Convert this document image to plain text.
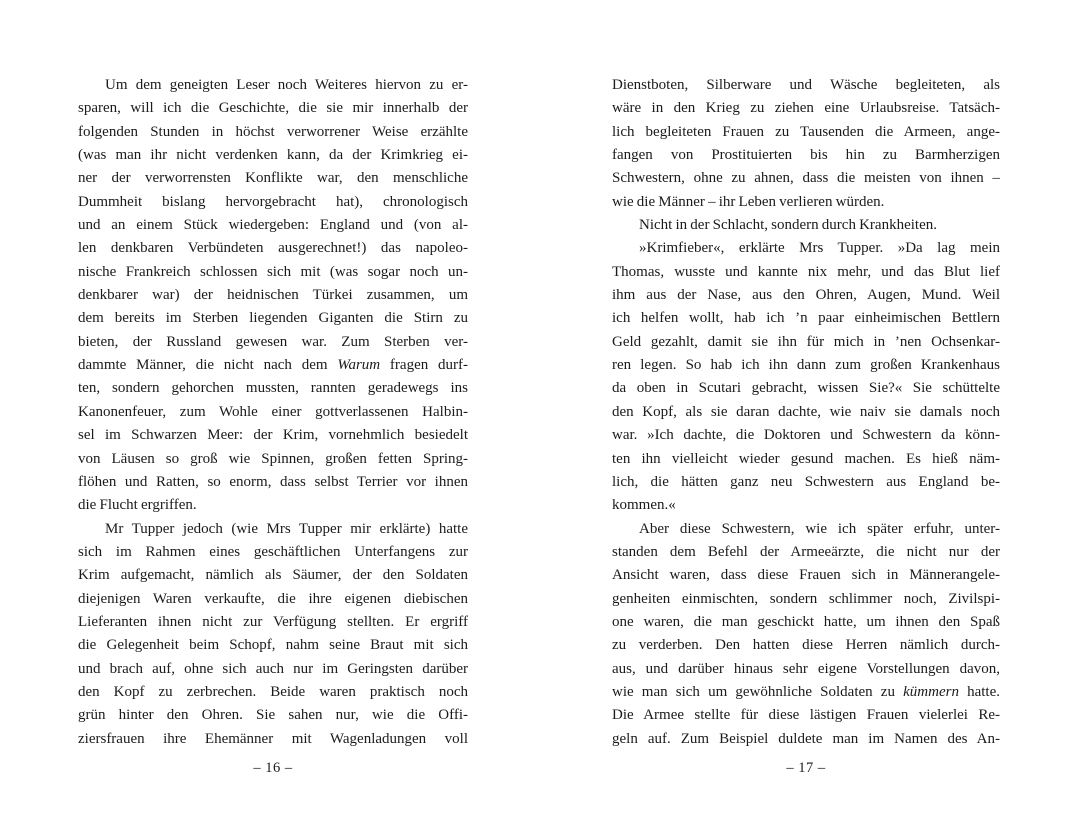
Um dem geneigten Leser noch Weiteres hiervon zu er-
sparen, will ich die Geschichte, die sie mir innerhalb der
folgenden Stunden in höchst verworrener Weise erzählte
(was man ihr nicht verdenken kann, da der Krimkrieg ei-
ner der verworrensten Konflikte war, den menschliche
Dummheit bislang hervorgebracht hat), chronologisch
und an einem Stück wiedergeben: England und (von al-
len denkbaren Verbündeten ausgerechnet!) das napoleo-
nische Frankreich schlossen sich mit (was sogar noch un-
denkbarer war) der heidnischen Türkei zusammen, um
dem bereits im Sterben liegenden Giganten die Stirn zu
bieten, der Russland gewesen war. Zum Sterben ver-
dammte Männer, die nicht nach dem Warum fragen durf-
ten, sondern gehorchen mussten, rannten geradewegs ins
Kanonenfeuer, zum Wohle einer gottverlassenen Halbin-
sel im Schwarzen Meer: der Krim, vornehmlich besiedelt
von Läusen so groß wie Spinnen, großen fetten Spring-
flöhen und Ratten, so enorm, dass selbst Terrier vor ihnen
die Flucht ergriffen.
Mr Tupper jedoch (wie Mrs Tupper mir erklärte) hatte
sich im Rahmen eines geschäftlichen Unterfangens zur
Krim aufgemacht, nämlich als Säumer, der den Soldaten
diejenigen Waren verkaufte, die ihre eigenen diebischen
Lieferanten ihnen nicht zur Verfügung stellten. Er ergriff
die Gelegenheit beim Schopf, nahm seine Braut mit sich
und brach auf, ohne sich auch nur im Geringsten darüber
den Kopf zu zerbrechen. Beide waren praktisch noch
grün hinter den Ohren. Sie sahen nur, wie die Offi-
ziersfrauen ihre Ehemänner mit Wagenladungen voll
– 16 –
Dienstboten, Silberware und Wäsche begleiteten, als
wäre in den Krieg zu ziehen eine Urlaubsreise. Tatsäch-
lich begleiteten Frauen zu Tausenden die Armeen, ange-
fangen von Prostituierten bis hin zu Barmherzigen
Schwestern, ohne zu ahnen, dass die meisten von ihnen –
wie die Männer – ihr Leben verlieren würden.
Nicht in der Schlacht, sondern durch Krankheiten.
»Krimfieber«, erklärte Mrs Tupper. »Da lag mein
Thomas, wusste und kannte nix mehr, und das Blut lief
ihm aus der Nase, aus den Ohren, Augen, Mund. Weil
ich helfen wollt, hab ich ’n paar einheimischen Bettlern
Geld gezahlt, damit sie ihn für mich in ’nen Ochsenkar-
ren legen. So hab ich ihn dann zum großen Krankenhaus
da oben in Scutari gebracht, wissen Sie?« Sie schüttelte
den Kopf, als sie daran dachte, wie naiv sie damals noch
war. »Ich dachte, die Doktoren und Schwestern da könn-
ten ihn vielleicht wieder gesund machen. Es hieß näm-
lich, die hätten ganz neu Schwestern aus England be-
kommen.«
Aber diese Schwestern, wie ich später erfuhr, unter-
standen dem Befehl der Armeeärzte, die nicht nur der
Ansicht waren, dass diese Frauen sich in Männerangele-
genheiten einmischten, sondern schlimmer noch, Zivilspi-
one waren, die man geschickt hatte, um ihnen den Spaß
zu verderben. Den hatten diese Herren nämlich durch-
aus, und darüber hinaus sehr eigene Vorstellungen davon,
wie man sich um gewöhnliche Soldaten zu kümmern hatte.
Die Armee stellte für diese lästigen Frauen vielerlei Re-
geln auf. Zum Beispiel duldete man im Namen des An-
– 17 –
